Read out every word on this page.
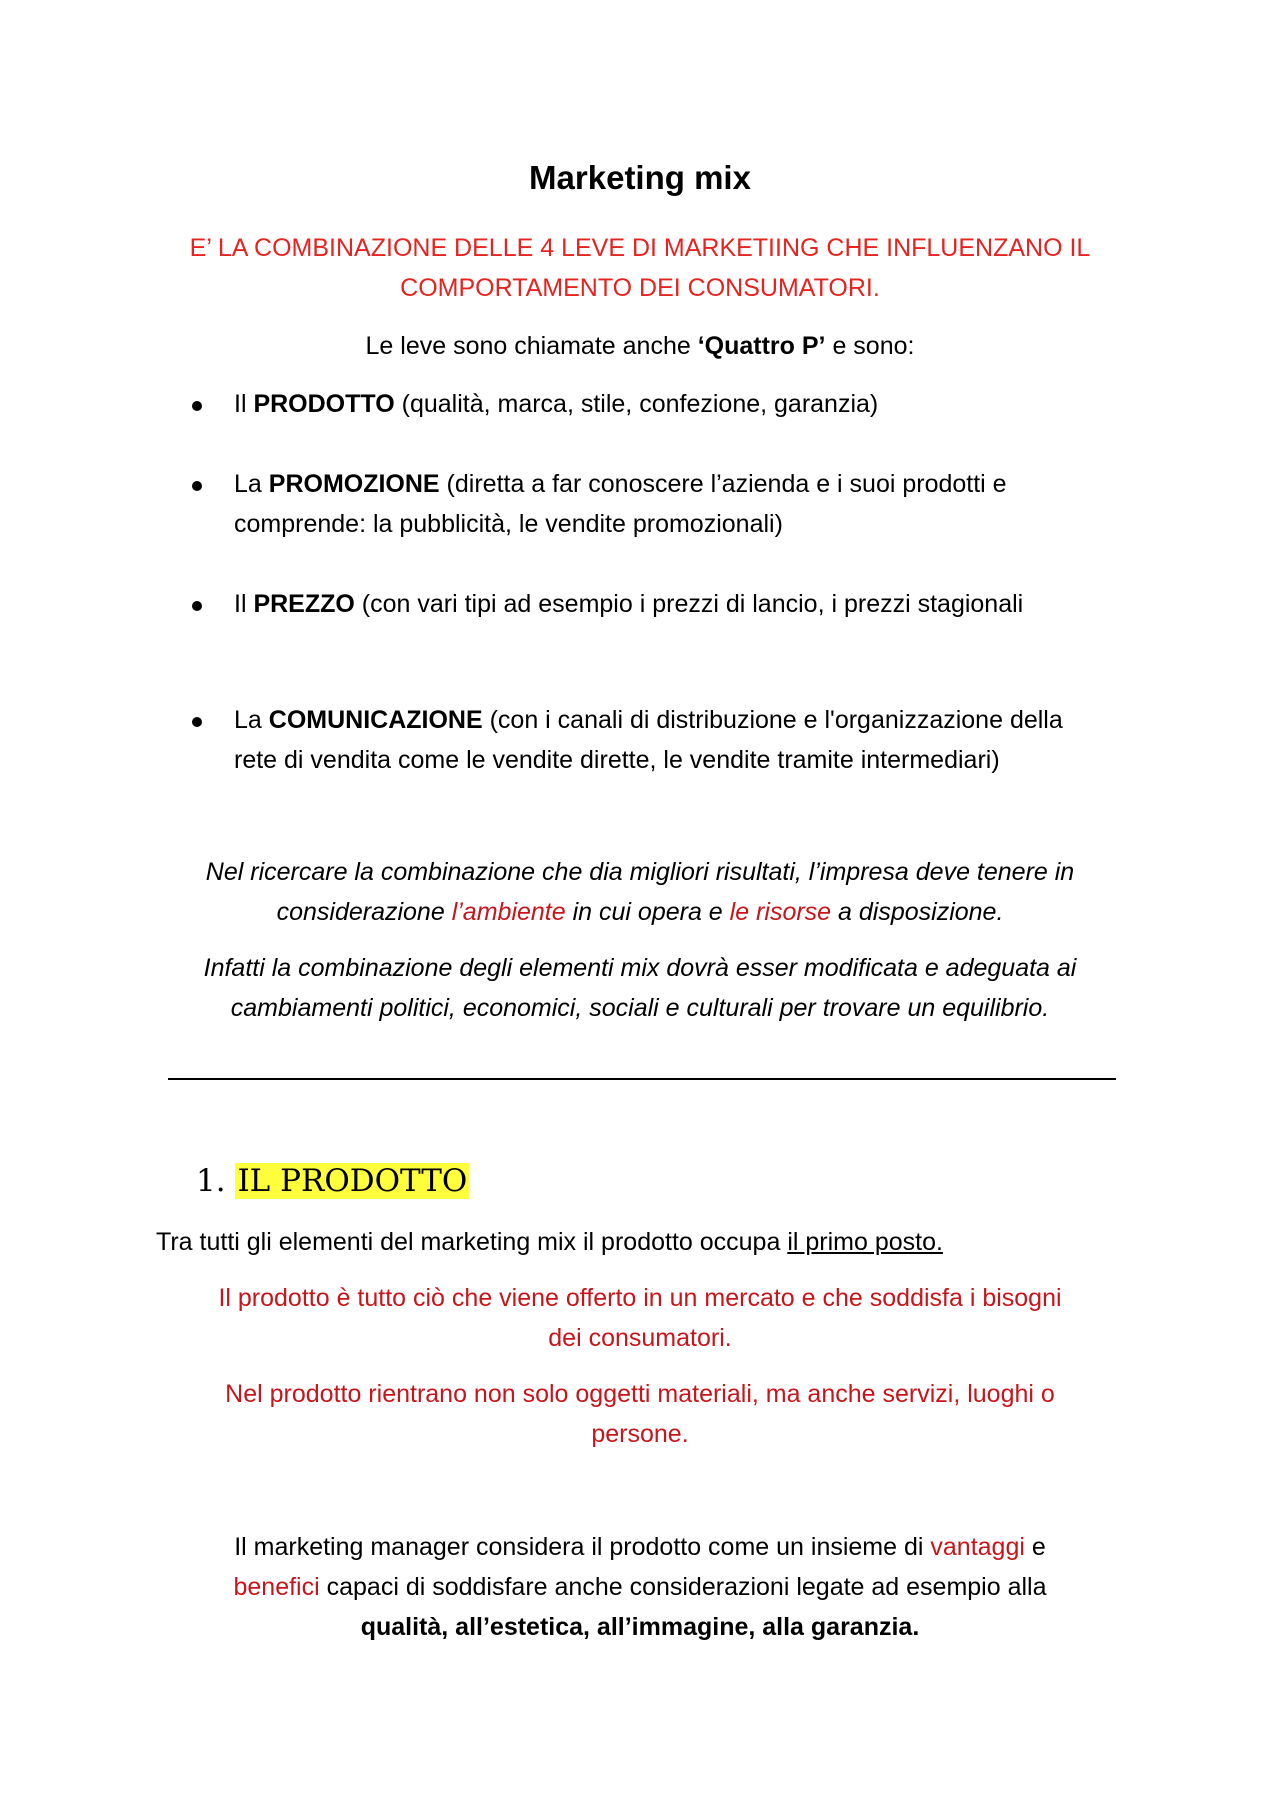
Marketing mix
E’ LA COMBINAZIONE DELLE 4 LEVE DI MARKETIING CHE INFLUENZANO IL
COMPORTAMENTO DEI CONSUMATORI.
Le leve sono chiamate anche ‘Quattro P’ e sono:
Il PRODOTTO (qualità, marca, stile, confezione, garanzia)
La PROMOZIONE (diretta a far conoscere l’azienda e i suoi prodotti e
comprende: la pubblicità, le vendite promozionali)
Il PREZZO (con vari tipi ad esempio i prezzi di lancio, i prezzi stagionali
La COMUNICAZIONE (con i canali di distribuzione e l'organizzazione della
rete di vendita come le vendite dirette, le vendite tramite intermediari)
Nel ricercare la combinazione che dia migliori risultati, l’impresa deve tenere in
considerazione l’ambiente in cui opera e le risorse a disposizione.
Infatti la combinazione degli elementi mix dovrà esser modificata e adeguata ai
cambiamenti politici, economici, sociali e culturali per trovare un equilibrio.
1. IL PRODOTTO
Tra tutti gli elementi del marketing mix il prodotto occupa il primo posto.
Il prodotto è tutto ciò che viene offerto in un mercato e che soddisfa i bisogni
dei consumatori.
Nel prodotto rientrano non solo oggetti materiali, ma anche servizi, luoghi o
persone.
Il marketing manager considera il prodotto come un insieme di vantaggi e
benefici capaci di soddisfare anche considerazioni legate ad esempio alla
qualità, all’estetica, all’immagine, alla garanzia.
